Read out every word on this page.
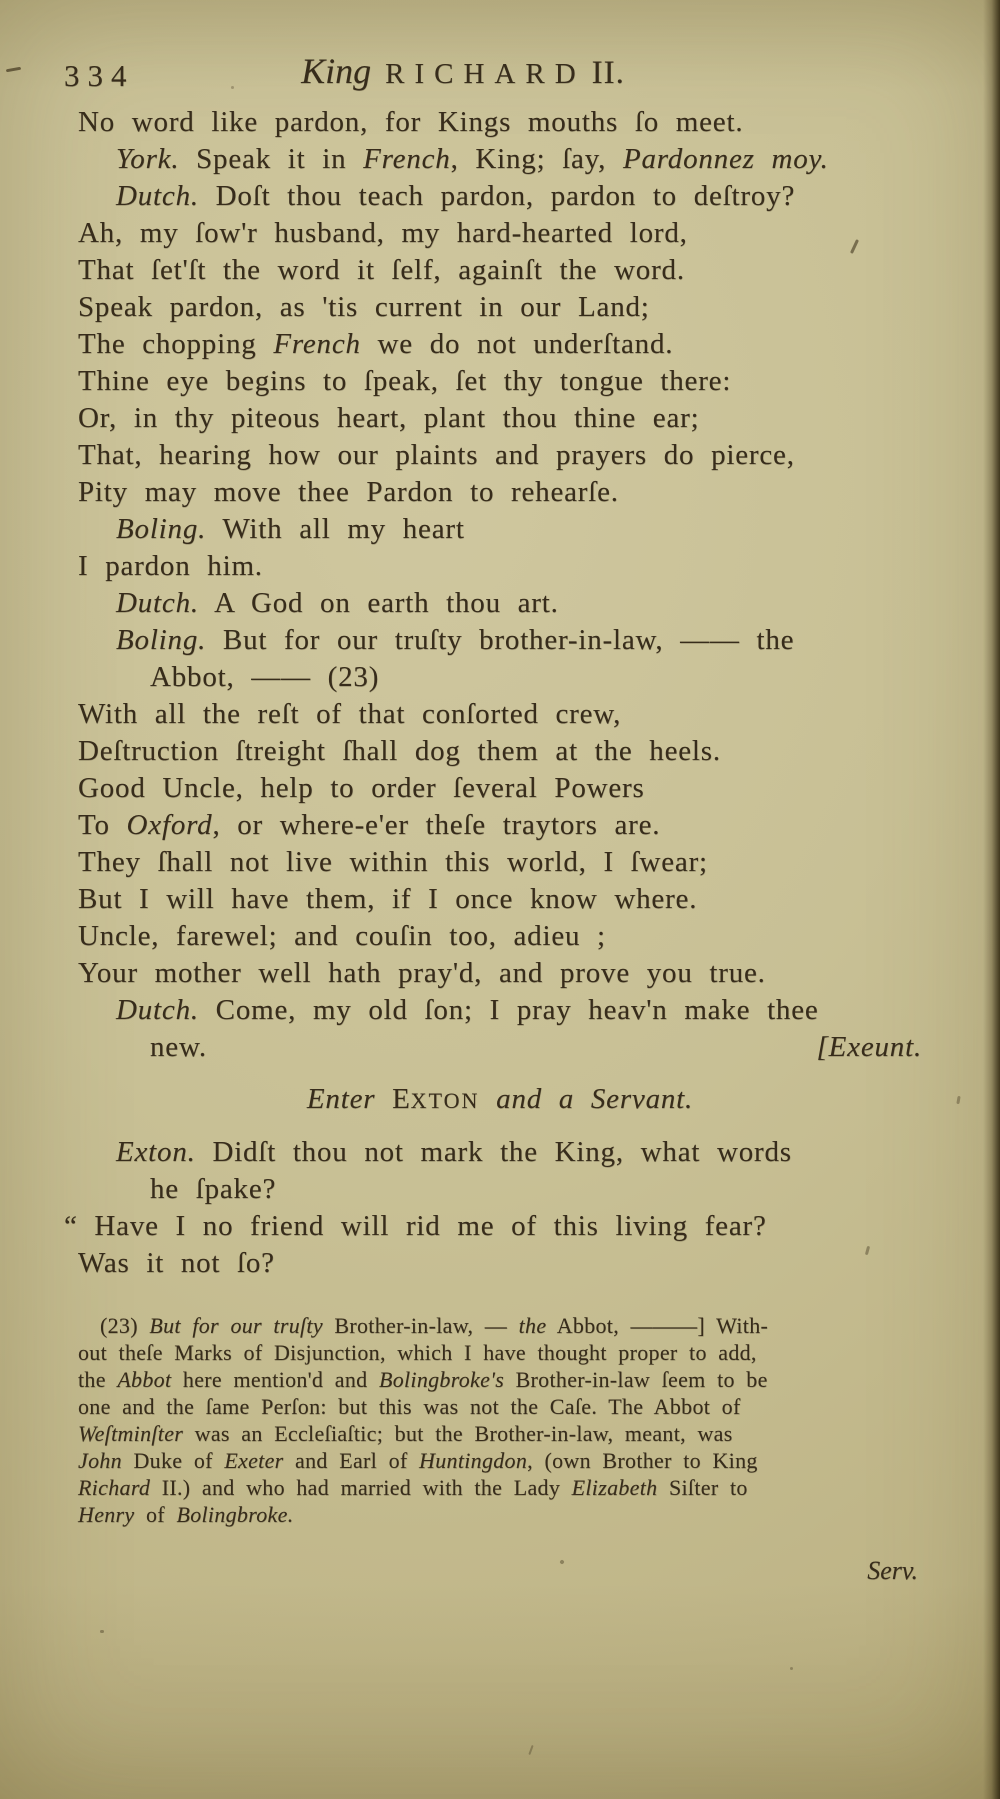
334	King RICHARD II.
No word like pardon, for Kings mouths ſo meet.
York. Speak it in French, King; ſay, Pardonnez moy.
Dutch. Doſt thou teach pardon, pardon to deſtroy?
Ah, my ſow'r husband, my hard-hearted lord,
That ſet'ſt the word it ſelf, againſt the word.
Speak pardon, as 'tis current in our Land;
The chopping French we do not underſtand.
Thine eye begins to ſpeak, ſet thy tongue there:
Or, in thy piteous heart, plant thou thine ear;
That, hearing how our plaints and prayers do pierce,
Pity may move thee Pardon to rehearſe.
Boling. With all my heart
I pardon him.
Dutch. A God on earth thou art.
Boling. But for our truſty brother-in-law, —— the
Abbot, —— (23)
With all the reſt of that conſorted crew,
Deſtruction ſtreight ſhall dog them at the heels.
Good Uncle, help to order ſeveral Powers
To Oxford, or where-e'er theſe traytors are.
They ſhall not live within this world, I ſwear;
But I will have them, if I once know where.
Uncle, farewel; and couſin too, adieu ;
Your mother well hath pray'd, and prove you true.
Dutch. Come, my old ſon; I pray heav'n make thee
new.	[Exeunt.
Enter EXTON and a Servant.
Exton. Didſt thou not mark the King, what words
he ſpake?
“ Have I no friend will rid me of this living fear?
Was it not ſo?
(23) But for our truſty Brother-in-law, — the Abbot, ———] With-
out theſe Marks of Disjunction, which I have thought proper to add,
the Abbot here mention'd and Bolingbroke's Brother-in-law ſeem to be
one and the ſame Perſon: but this was not the Caſe. The Abbot of
Weſtminſter was an Eccleſiaſtic; but the Brother-in-law, meant, was
John Duke of Exeter and Earl of Huntingdon, (own Brother to King
Richard II.) and who had married with the Lady Elizabeth Siſter to
Henry of Bolingbroke.
Serv.
